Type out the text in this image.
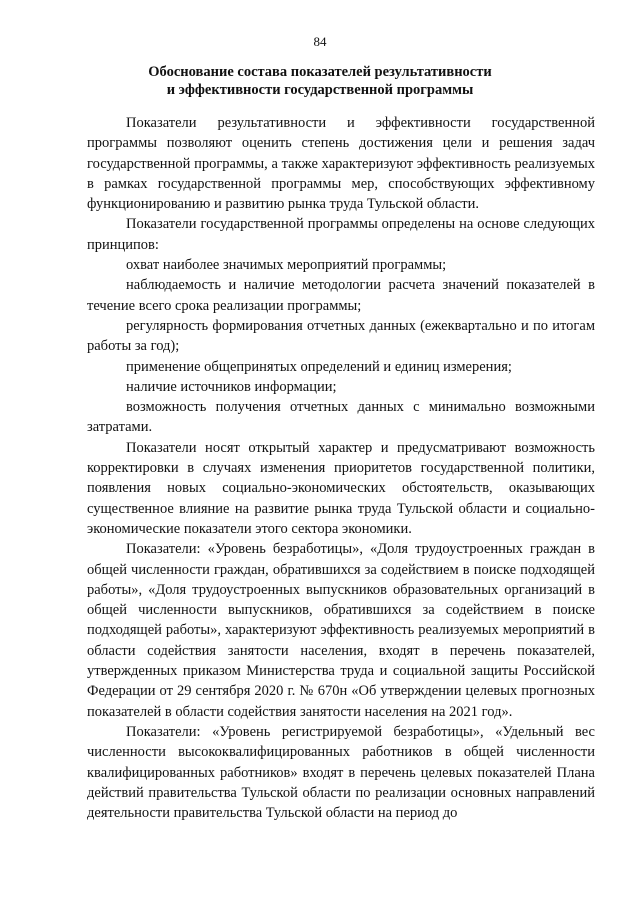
84
Обоснование состава показателей результативности
и эффективности государственной программы

Показатели результативности и эффективности государственной программы позволяют оценить степень достижения цели и решения задач государственной программы, а также характеризуют эффективность реализуемых в рамках государственной программы мер, способствующих эффективному функционированию и развитию рынка труда Тульской области.

Показатели государственной программы определены на основе следующих принципов:

охват наиболее значимых мероприятий программы;

наблюдаемость и наличие методологии расчета значений показателей в течение всего срока реализации программы;

регулярность формирования отчетных данных (ежеквартально и по итогам работы за год);

применение общепринятых определений и единиц измерения;

наличие источников информации;

возможность получения отчетных данных с минимально возможными затратами.

Показатели носят открытый характер и предусматривают возможность корректировки в случаях изменения приоритетов государственной политики, появления новых социально-экономических обстоятельств, оказывающих существенное влияние на развитие рынка труда Тульской области и социально-экономические показатели этого сектора экономики.

Показатели: «Уровень безработицы», «Доля трудоустроенных граждан в общей численности граждан, обратившихся за содействием в поиске подходящей работы», «Доля трудоустроенных выпускников образовательных организаций в общей численности выпускников, обратившихся за содействием в поиске подходящей работы», характеризуют эффективность реализуемых мероприятий в области содействия занятости населения, входят в перечень показателей, утвержденных приказом Министерства труда и социальной защиты Российской Федерации от 29 сентября 2020 г. № 670н «Об утверждении целевых прогнозных показателей в области содействия занятости населения на 2021 год».

Показатели: «Уровень регистрируемой безработицы», «Удельный вес численности высококвалифицированных работников в общей численности квалифицированных работников» входят в перечень целевых показателей Плана действий правительства Тульской области по реализации основных направлений деятельности правительства Тульской области на период до
